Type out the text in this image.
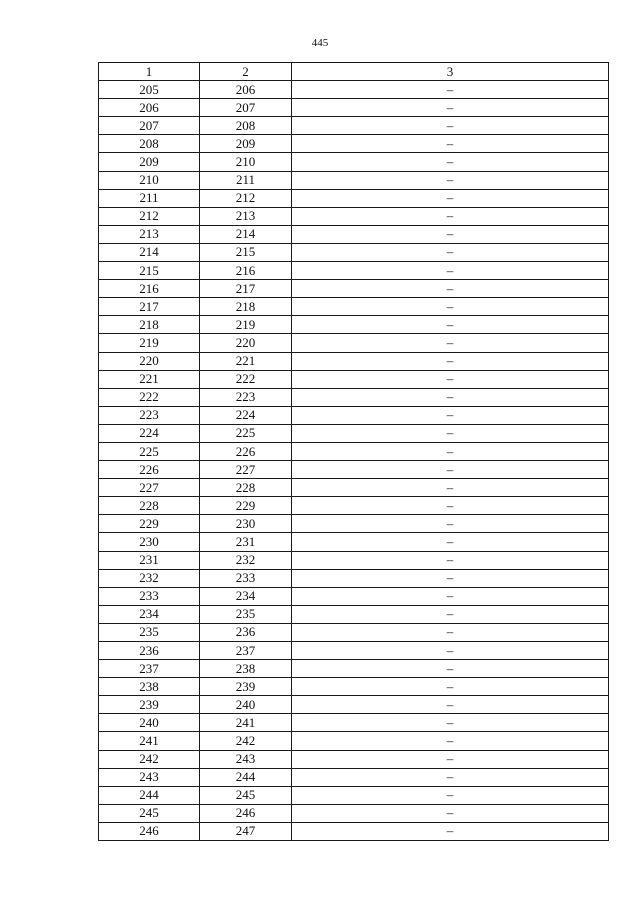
445
1	2	3
205	206	–
206	207	–
207	208	–
208	209	–
209	210	–
210	211	–
211	212	–
212	213	–
213	214	–
214	215	–
215	216	–
216	217	–
217	218	–
218	219	–
219	220	–
220	221	–
221	222	–
222	223	–
223	224	–
224	225	–
225	226	–
226	227	–
227	228	–
228	229	–
229	230	–
230	231	–
231	232	–
232	233	–
233	234	–
234	235	–
235	236	–
236	237	–
237	238	–
238	239	–
239	240	–
240	241	–
241	242	–
242	243	–
243	244	–
244	245	–
245	246	–
246	247	–
